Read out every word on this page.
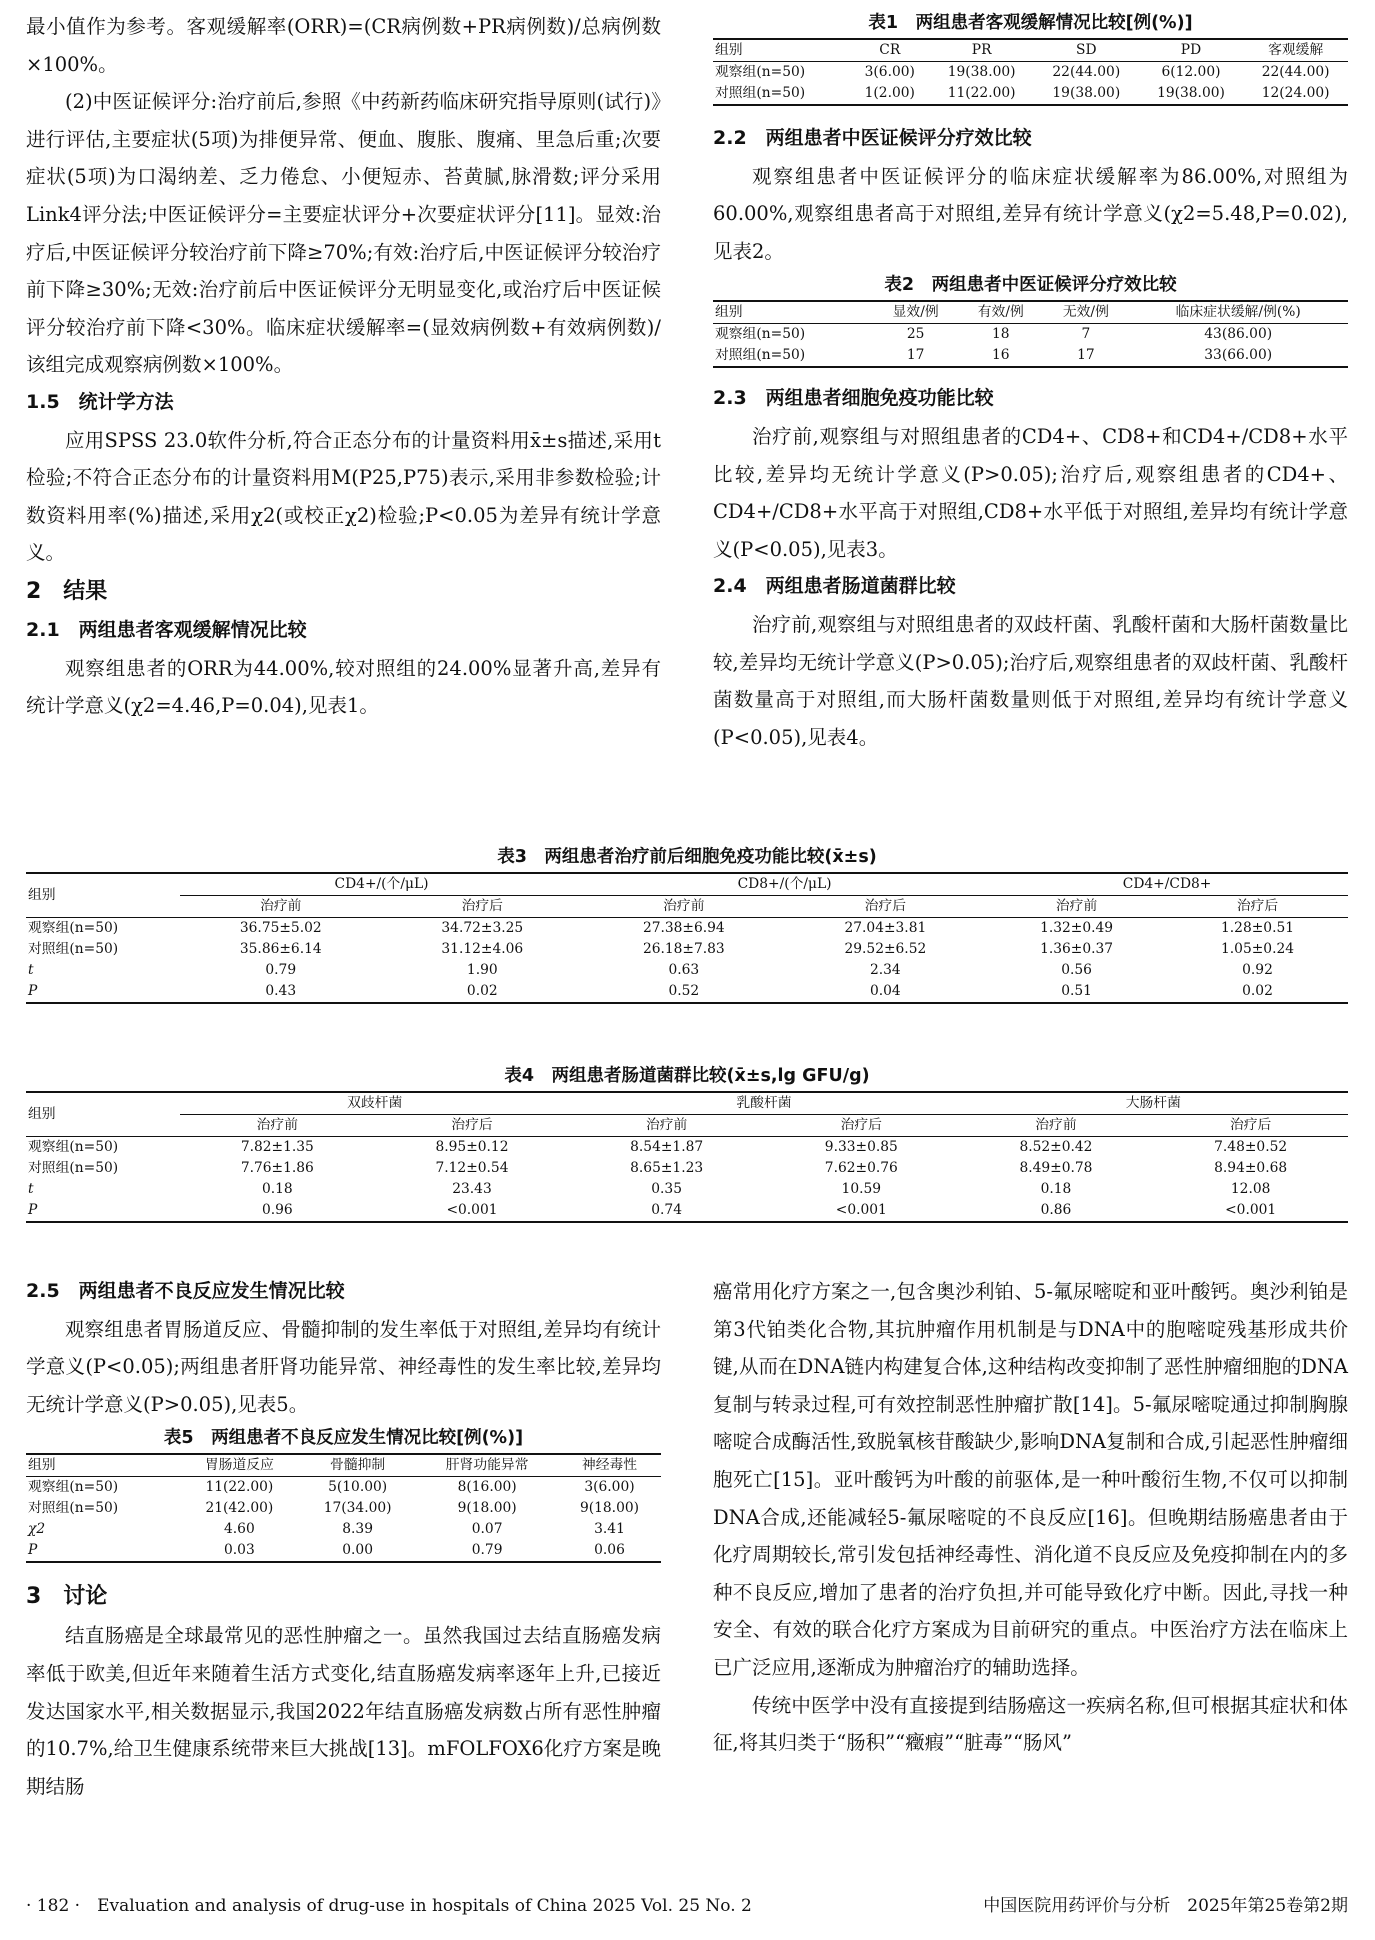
最小值作为参考。客观缓解率(ORR)=(CR病例数+PR病例数)/总病例数×100%。

(2)中医证候评分:治疗前后,参照《中药新药临床研究指导原则(试行)》进行评估,主要症状(5项)为排便异常、便血、腹胀、腹痛、里急后重;次要症状(5项)为口渴纳差、乏力倦怠、小便短赤、苔黄腻,脉滑数;评分采用Link4评分法;中医证候评分=主要症状评分+次要症状评分[11]。显效:治疗后,中医证候评分较治疗前下降≥70%;有效:治疗后,中医证候评分较治疗前下降≥30%;无效:治疗前后中医证候评分无明显变化,或治疗后中医证候评分较治疗前下降<30%。临床症状缓解率=(显效病例数+有效病例数)/该组完成观察病例数×100%。

1.5　统计学方法

应用SPSS 23.0软件分析,符合正态分布的计量资料用x̄±s描述,采用t检验;不符合正态分布的计量资料用M(P25,P75)表示,采用非参数检验;计数资料用率(%)描述,采用χ2(或校正χ2)检验;P<0.05为差异有统计学意义。

2　结果
2.1　两组患者客观缓解情况比较

观察组患者的ORR为44.00%,较对照组的24.00%显著升高,差异有统计学意义(χ2=4.46,P=0.04),见表1。

表1　两组患者客观缓解情况比较[例(%)]
组别	CR	PR	SD	PD	客观缓解
观察组(n=50)	3(6.00)	19(38.00)	22(44.00)	6(12.00)	22(44.00)
对照组(n=50)	1(2.00)	11(22.00)	19(38.00)	19(38.00)	12(24.00)
2.2　两组患者中医证候评分疗效比较

观察组患者中医证候评分的临床症状缓解率为86.00%,对照组为60.00%,观察组患者高于对照组,差异有统计学意义(χ2=5.48,P=0.02),见表2。

表2　两组患者中医证候评分疗效比较
组别	显效/例	有效/例	无效/例	临床症状缓解/例(%)
观察组(n=50)	25	18	7	43(86.00)
对照组(n=50)	17	16	17	33(66.00)
2.3　两组患者细胞免疫功能比较

治疗前,观察组与对照组患者的CD4+、CD8+和CD4+/CD8+水平比较,差异均无统计学意义(P>0.05);治疗后,观察组患者的CD4+、CD4+/CD8+水平高于对照组,CD8+水平低于对照组,差异均有统计学意义(P<0.05),见表3。

2.4　两组患者肠道菌群比较

治疗前,观察组与对照组患者的双歧杆菌、乳酸杆菌和大肠杆菌数量比较,差异均无统计学意义(P>0.05);治疗后,观察组患者的双歧杆菌、乳酸杆菌数量高于对照组,而大肠杆菌数量则低于对照组,差异均有统计学意义(P<0.05),见表4。

表3　两组患者治疗前后细胞免疫功能比较(x̄±s)
组别	CD4+/(个/μL)		CD8+/(个/μL)		CD4+/CD8+	
	治疗前	治疗后	治疗前	治疗后	治疗前	治疗后
观察组(n=50)	36.75±5.02	34.72±3.25	27.38±6.94	27.04±3.81	1.32±0.49	1.28±0.51
对照组(n=50)	35.86±6.14	31.12±4.06	26.18±7.83	29.52±6.52	1.36±0.37	1.05±0.24
t	0.79	1.90	0.63	2.34	0.56	0.92
P	0.43	0.02	0.52	0.04	0.51	0.02
表4　两组患者肠道菌群比较(x̄±s,lg GFU/g)
组别	双歧杆菌		乳酸杆菌		大肠杆菌	
	治疗前	治疗后	治疗前	治疗后	治疗前	治疗后
观察组(n=50)	7.82±1.35	8.95±0.12	8.54±1.87	9.33±0.85	8.52±0.42	7.48±0.52
对照组(n=50)	7.76±1.86	7.12±0.54	8.65±1.23	7.62±0.76	8.49±0.78	8.94±0.68
t	0.18	23.43	0.35	10.59	0.18	12.08
P	0.96	<0.001	0.74	<0.001	0.86	<0.001
2.5　两组患者不良反应发生情况比较

观察组患者胃肠道反应、骨髓抑制的发生率低于对照组,差异均有统计学意义(P<0.05);两组患者肝肾功能异常、神经毒性的发生率比较,差异均无统计学意义(P>0.05),见表5。

表5　两组患者不良反应发生情况比较[例(%)]
组别	胃肠道反应	骨髓抑制	肝肾功能异常	神经毒性
观察组(n=50)	11(22.00)	5(10.00)	8(16.00)	3(6.00)
对照组(n=50)	21(42.00)	17(34.00)	9(18.00)	9(18.00)
χ2	4.60	8.39	0.07	3.41
P	0.03	0.00	0.79	0.06
3　讨论

结直肠癌是全球最常见的恶性肿瘤之一。虽然我国过去结直肠癌发病率低于欧美,但近年来随着生活方式变化,结直肠癌发病率逐年上升,已接近发达国家水平,相关数据显示,我国2022年结直肠癌发病数占所有恶性肿瘤的10.7%,给卫生健康系统带来巨大挑战[13]。mFOLFOX6化疗方案是晚期结肠

癌常用化疗方案之一,包含奥沙利铂、5-氟尿嘧啶和亚叶酸钙。奥沙利铂是第3代铂类化合物,其抗肿瘤作用机制是与DNA中的胞嘧啶残基形成共价键,从而在DNA链内构建复合体,这种结构改变抑制了恶性肿瘤细胞的DNA复制与转录过程,可有效控制恶性肿瘤扩散[14]。5-氟尿嘧啶通过抑制胸腺嘧啶合成酶活性,致脱氧核苷酸缺少,影响DNA复制和合成,引起恶性肿瘤细胞死亡[15]。亚叶酸钙为叶酸的前驱体,是一种叶酸衍生物,不仅可以抑制DNA合成,还能减轻5-氟尿嘧啶的不良反应[16]。但晚期结肠癌患者由于化疗周期较长,常引发包括神经毒性、消化道不良反应及免疫抑制在内的多种不良反应,增加了患者的治疗负担,并可能导致化疗中断。因此,寻找一种安全、有效的联合化疗方案成为目前研究的重点。中医治疗方法在临床上已广泛应用,逐渐成为肿瘤治疗的辅助选择。

传统中医学中没有直接提到结肠癌这一疾病名称,但可根据其症状和体征,将其归类于“肠积”“癥瘕”“脏毒”“肠风”

· 182 ·　Evaluation and analysis of drug-use in hospitals of China 2025 Vol. 25 No. 2	中国医院用药评价与分析　2025年第25卷第2期
